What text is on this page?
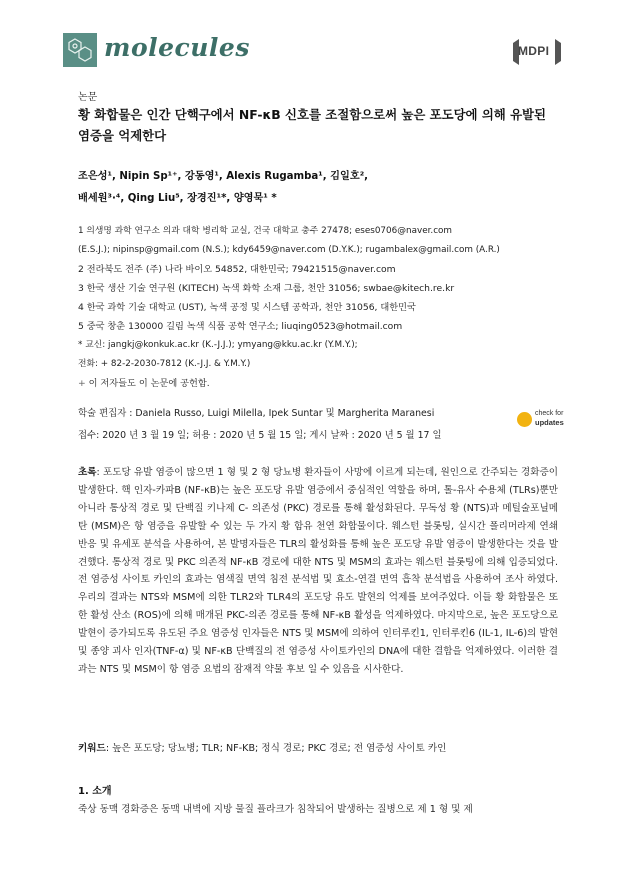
molecules	MDPI
논문
황 화합물은 인간 단핵구에서 NF-κB 신호를 조절함으로써 높은 포도당에 의해 유발된 염증을 억제한다
조은성¹, Nipin Sp¹⁺, 강동영¹, Alexis Rugamba¹, 김일호²,
배세원³·⁴, Qing Liu⁵, 장경진¹*, 양영묵¹ *
1 의생명 과학 연구소 의과 대학 병리학 교실, 건국 대학교 충주 27478; eses0706@naver.com
(E.S.J.); nipinsp@gmail.com (N.S.); kdy6459@naver.com (D.Y.K.); rugambalex@gmail.com (A.R.)
2 전라북도 전주 (주) 나라 바이오 54852, 대한민국; 79421515@naver.com
3 한국 생산 기술 연구원 (KITECH) 녹색 화학 소재 그룹, 천안 31056; swbae@kitech.re.kr
4 한국 과학 기술 대학교 (UST), 녹색 공정 및 시스템 공학과, 천안 31056, 대한민국
5 중국 창춘 130000 길림 녹색 식품 공학 연구소; liuqing0523@hotmail.com
* 교신: jangkj@konkuk.ac.kr (K.-J.J.); ymyang@kku.ac.kr (Y.M.Y.);
전화: + 82-2-2030-7812 (K.-J.J. & Y.M.Y.)
+ 이 저자들도 이 논문에 공헌함.
학술 편집자 : Daniela Russo, Luigi Milella, Ipek Suntar 및 Margherita Maranesi
접수: 2020 년 3 월 19 일; 허용 : 2020 년 5 월 15 일; 게시 날짜 : 2020 년 5 월 17 일
check for
updates
초록: 포도당 유발 염증이 많으면 1 형 및 2 형 당뇨병 환자들이 사망에 이르게 되는데, 원인으로 간주되는 경화증이 발생한다. 핵 인자-카파B (NF-κB)는 높은 포도당 유발 염증에서 중심적인 역할을 하며, 톨-유사 수용체 (TLRs)뿐만 아니라 통상적 경로 및 단백질 키나제 C- 의존성 (PKC) 경로를 통해 활성화된다. 무독성 황 (NTS)과 메틸술포닐메탄 (MSM)은 항 염증을 유발할 수 있는 두 가지 황 함유 천연 화합물이다. 웨스턴 블롯팅, 실시간 폴리머라제 연쇄 반응 및 유세포 분석을 사용하여, 본 발명자들은 TLR의 활성화를 통해 높은 포도당 유발 염증이 발생한다는 것을 발견했다. 통상적 경로 및 PKC 의존적 NF-κB 경로에 대한 NTS 및 MSM의 효과는 웨스턴 블롯팅에 의해 입증되었다. 전 염증성 사이토 카인의 효과는 염색질 면역 침전 분석법 및 효소-연결 면역 흡착 분석법을 사용하여 조사 하였다. 우리의 결과는 NTS와 MSM에 의한 TLR2와 TLR4의 포도당 유도 발현의 억제를 보여주었다. 이들 황 화합물은 또한 활성 산소 (ROS)에 의해 매개된 PKC-의존 경로를 통해 NF-κB 활성을 억제하였다. 마지막으로, 높은 포도당으로 발현이 증가되도록 유도된 주요 염증성 인자들은 NTS 및 MSM에 의하여 인터루킨1, 인터루킨6 (IL-1, IL-6)의 발현 및 종양 괴사 인자(TNF-α) 및 NF-κB 단백질의 전 염증성 사이토카인의 DNA에 대한 결합을 억제하였다. 이러한 결과는 NTS 및 MSM이 항 염증 요법의 잠재적 약물 후보 일 수 있음을 시사한다.
키워드: 높은 포도당; 당뇨병; TLR; NF-KB; 정식 경로; PKC 경로; 전 염증성 사이토 카인
1. 소개
죽상 동맥 경화증은 동맥 내벽에 지방 물질 플라크가 침착되어 발생하는 질병으로 제 1 형 및 제
